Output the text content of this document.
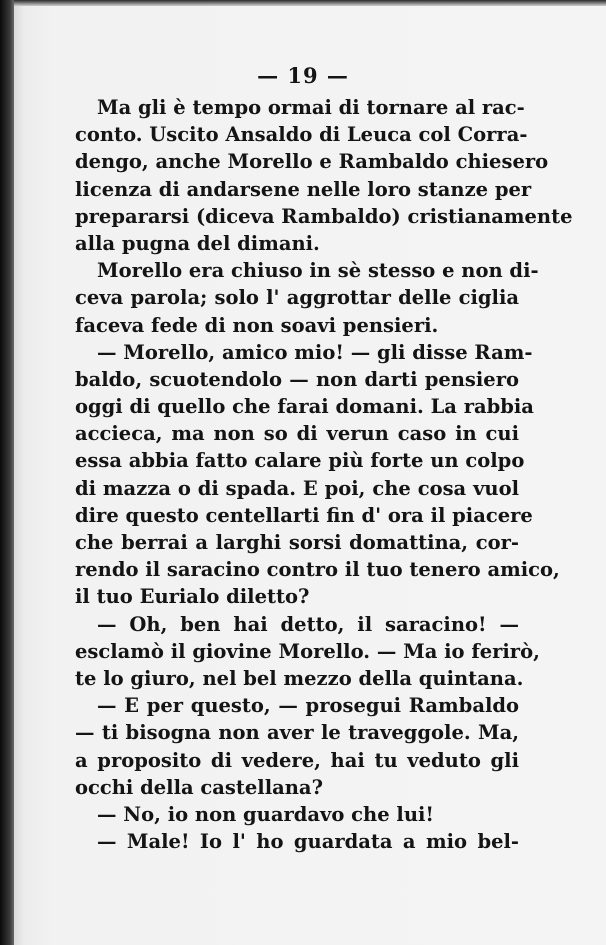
— 19 —
Ma gli è tempo ormai di tornare al rac-
conto. Uscito Ansaldo di Leuca col Corra-
dengo, anche Morello e Rambaldo chiesero
licenza di andarsene nelle loro stanze per
prepararsi (diceva Rambaldo) cristianamente
alla pugna del dimani.
Morello era chiuso in sè stesso e non di-
ceva parola; solo l' aggrottar delle ciglia
faceva fede di non soavi pensieri.
— Morello, amico mio! — gli disse Ram-
baldo, scuotendolo — non darti pensiero
oggi di quello che farai domani. La rabbia
accieca, ma non so di verun caso in cui
essa abbia fatto calare più forte un colpo
di mazza o di spada. E poi, che cosa vuol
dire questo centellarti fin d' ora il piacere
che berrai a larghi sorsi domattina, cor-
rendo il saracino contro il tuo tenero amico,
il tuo Eurialo diletto?
— Oh, ben hai detto, il saracino! —
esclamò il giovine Morello. — Ma io ferirò,
te lo giuro, nel bel mezzo della quintana.
— E per questo, — prosegui Rambaldo
— ti bisogna non aver le traveggole. Ma,
a proposito di vedere, hai tu veduto gli
occhi della castellana?
— No, io non guardavo che lui!
— Male! Io l' ho guardata a mio bel-
